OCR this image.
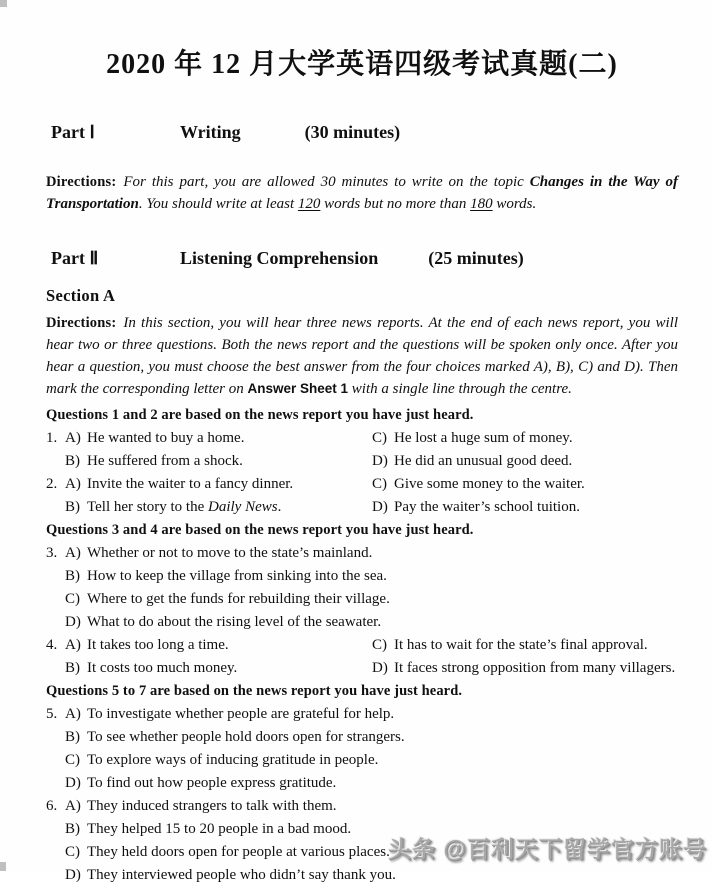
2020 年 12 月大学英语四级考试真题(二)
Part Ⅰ	Writing	(30 minutes)

Directions: For this part, you are allowed 30 minutes to write on the topic Changes in the Way of Transportation. You should write at least 120 words but no more than 180 words.

Part Ⅱ	Listening Comprehension	(25 minutes)
Section A

Directions: In this section, you will hear three news reports. At the end of each news report, you will hear two or three questions. Both the news report and the questions will be spoken only once. After you hear a question, you must choose the best answer from the four choices marked A), B), C) and D). Then mark the corresponding letter on Answer Sheet 1 with a single line through the centre.

Questions 1 and 2 are based on the news report you have just heard.

1. A) He wanted to buy a home.	C) He lost a huge sum of money.
B) He suffered from a shock.	D) He did an unusual good deed.
2. A) Invite the waiter to a fancy dinner.	C) Give some money to the waiter.
B) Tell her story to the Daily News.	D) Pay the waiter’s school tuition.

Questions 3 and 4 are based on the news report you have just heard.

3. A) Whether or not to move to the state’s mainland.
B) How to keep the village from sinking into the sea.
C) Where to get the funds for rebuilding their village.
D) What to do about the rising level of the seawater.
4. A) It takes too long a time.	C) It has to wait for the state’s final approval.
B) It costs too much money.	D) It faces strong opposition from many villagers.

Questions 5 to 7 are based on the news report you have just heard.

5. A) To investigate whether people are grateful for help.
B) To see whether people hold doors open for strangers.
C) To explore ways of inducing gratitude in people.
D) To find out how people express gratitude.
6. A) They induced strangers to talk with them.
B) They helped 15 to 20 people in a bad mood.
C) They held doors open for people at various places.
D) They interviewed people who didn’t say thank you.
头条 @百利天下留学官方账号
